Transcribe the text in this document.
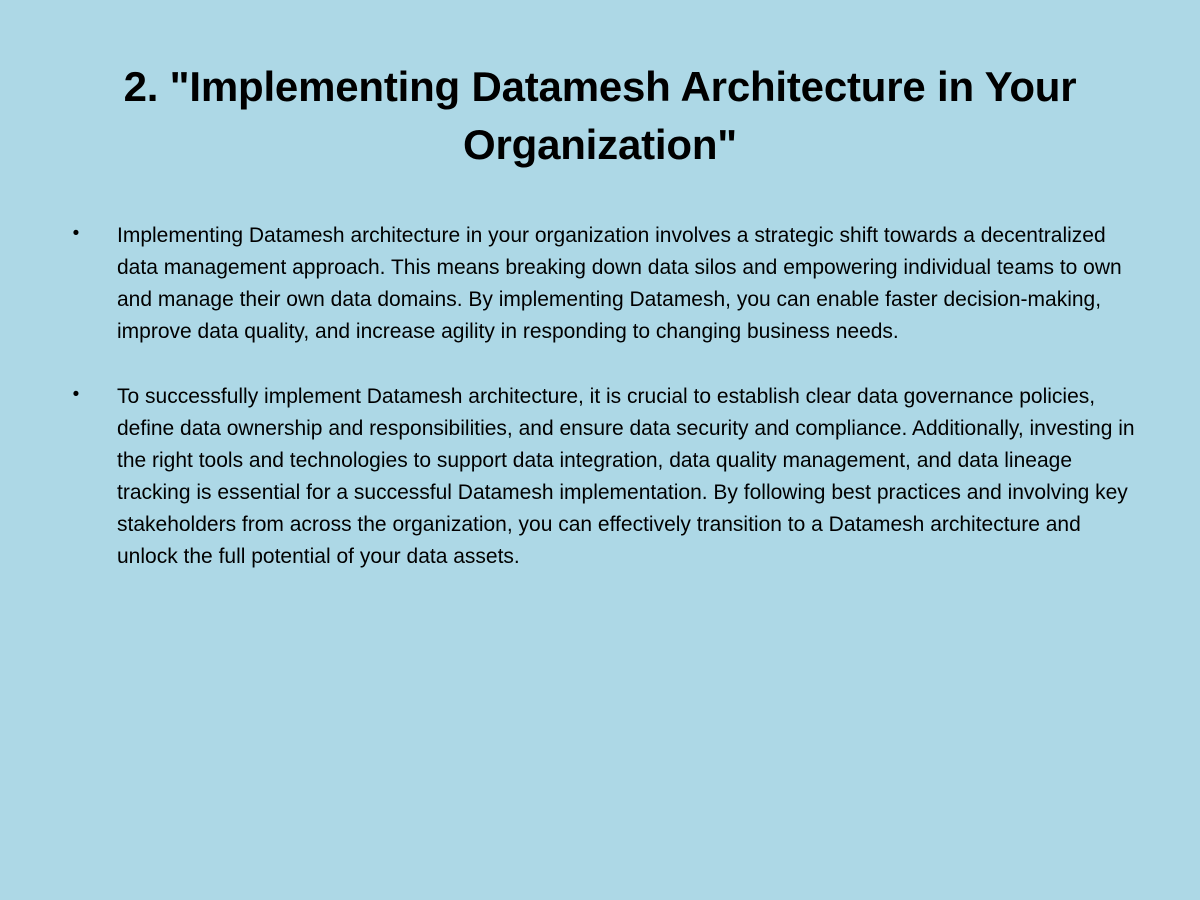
2. "Implementing Datamesh Architecture in Your Organization"
•	Implementing Datamesh architecture in your organization involves a strategic shift towards a decentralized data management approach. This means breaking down data silos and empowering individual teams to own and manage their own data domains. By implementing Datamesh, you can enable faster decision-making, improve data quality, and increase agility in responding to changing business needs.
•	To successfully implement Datamesh architecture, it is crucial to establish clear data governance policies, define data ownership and responsibilities, and ensure data security and compliance. Additionally, investing in the right tools and technologies to support data integration, data quality management, and data lineage tracking is essential for a successful Datamesh implementation. By following best practices and involving key stakeholders from across the organization, you can effectively transition to a Datamesh architecture and unlock the full potential of your data assets.
